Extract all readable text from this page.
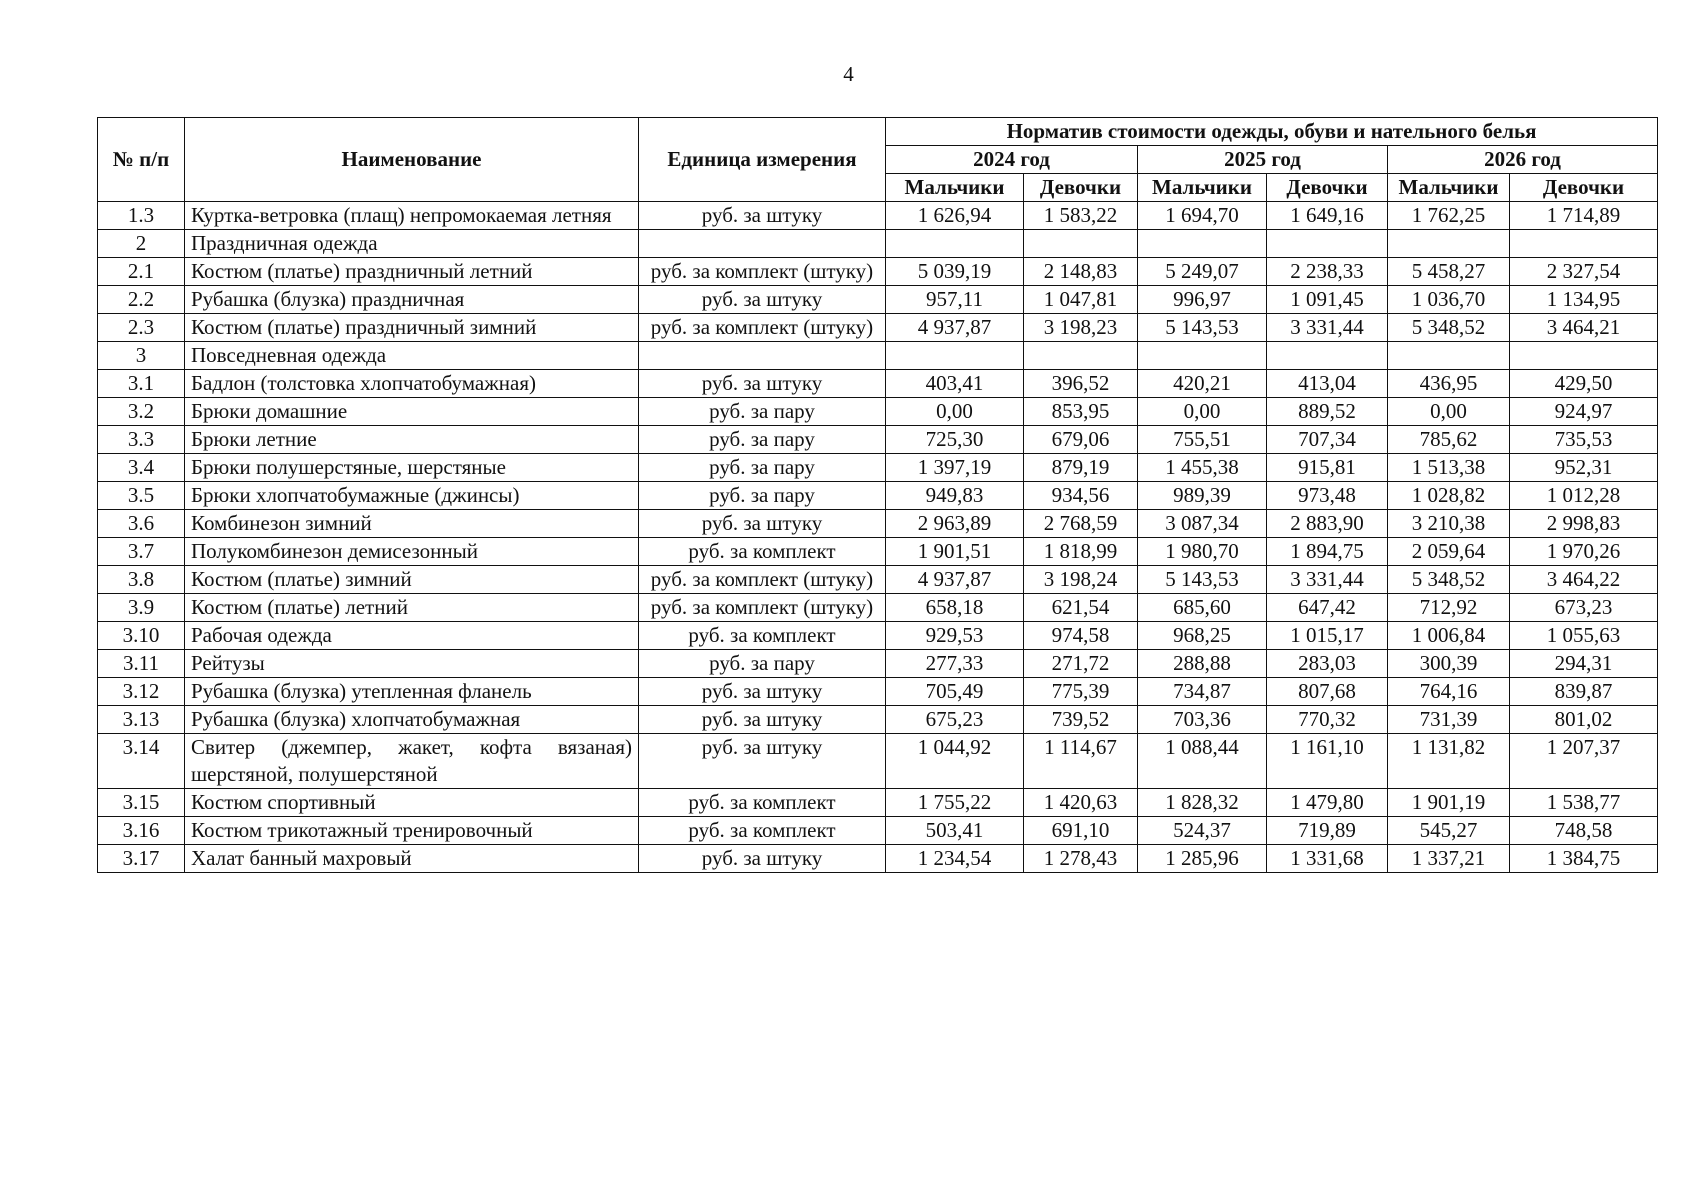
4
№ п/п	Наименование	Единица измерения	Норматив стоимости одежды, обуви и нательного белья					
			2024 год		2025 год		2026 год	
			Мальчики	Девочки	Мальчики	Девочки	Мальчики	Девочки
1.3	Куртка-ветровка (плащ) непромокаемая летняя	руб. за штуку	1 626,94	1 583,22	1 694,70	1 649,16	1 762,25	1 714,89
2	Праздничная одежда							
2.1	Костюм (платье) праздничный летний	руб. за комплект (штуку)	5 039,19	2 148,83	5 249,07	2 238,33	5 458,27	2 327,54
2.2	Рубашка (блузка) праздничная	руб. за штуку	957,11	1 047,81	996,97	1 091,45	1 036,70	1 134,95
2.3	Костюм (платье) праздничный зимний	руб. за комплект (штуку)	4 937,87	3 198,23	5 143,53	3 331,44	5 348,52	3 464,21
3	Повседневная одежда							
3.1	Бадлон (толстовка хлопчатобумажная)	руб. за штуку	403,41	396,52	420,21	413,04	436,95	429,50
3.2	Брюки домашние	руб. за пару	0,00	853,95	0,00	889,52	0,00	924,97
3.3	Брюки летние	руб. за пару	725,30	679,06	755,51	707,34	785,62	735,53
3.4	Брюки полушерстяные, шерстяные	руб. за пару	1 397,19	879,19	1 455,38	915,81	1 513,38	952,31
3.5	Брюки хлопчатобумажные (джинсы)	руб. за пару	949,83	934,56	989,39	973,48	1 028,82	1 012,28
3.6	Комбинезон зимний	руб. за штуку	2 963,89	2 768,59	3 087,34	2 883,90	3 210,38	2 998,83
3.7	Полукомбинезон демисезонный	руб. за комплект	1 901,51	1 818,99	1 980,70	1 894,75	2 059,64	1 970,26
3.8	Костюм (платье) зимний	руб. за комплект (штуку)	4 937,87	3 198,24	5 143,53	3 331,44	5 348,52	3 464,22
3.9	Костюм (платье) летний	руб. за комплект (штуку)	658,18	621,54	685,60	647,42	712,92	673,23
3.10	Рабочая одежда	руб. за комплект	929,53	974,58	968,25	1 015,17	1 006,84	1 055,63
3.11	Рейтузы	руб. за пару	277,33	271,72	288,88	283,03	300,39	294,31
3.12	Рубашка (блузка) утепленная фланель	руб. за штуку	705,49	775,39	734,87	807,68	764,16	839,87
3.13	Рубашка (блузка) хлопчатобумажная	руб. за штуку	675,23	739,52	703,36	770,32	731,39	801,02
3.14	Свитер (джемпер, жакет, кофта вязаная) шерстяной, полушерстяной	руб. за штуку	1 044,92	1 114,67	1 088,44	1 161,10	1 131,82	1 207,37
3.15	Костюм спортивный	руб. за комплект	1 755,22	1 420,63	1 828,32	1 479,80	1 901,19	1 538,77
3.16	Костюм трикотажный тренировочный	руб. за комплект	503,41	691,10	524,37	719,89	545,27	748,58
3.17	Халат банный махровый	руб. за штуку	1 234,54	1 278,43	1 285,96	1 331,68	1 337,21	1 384,75
